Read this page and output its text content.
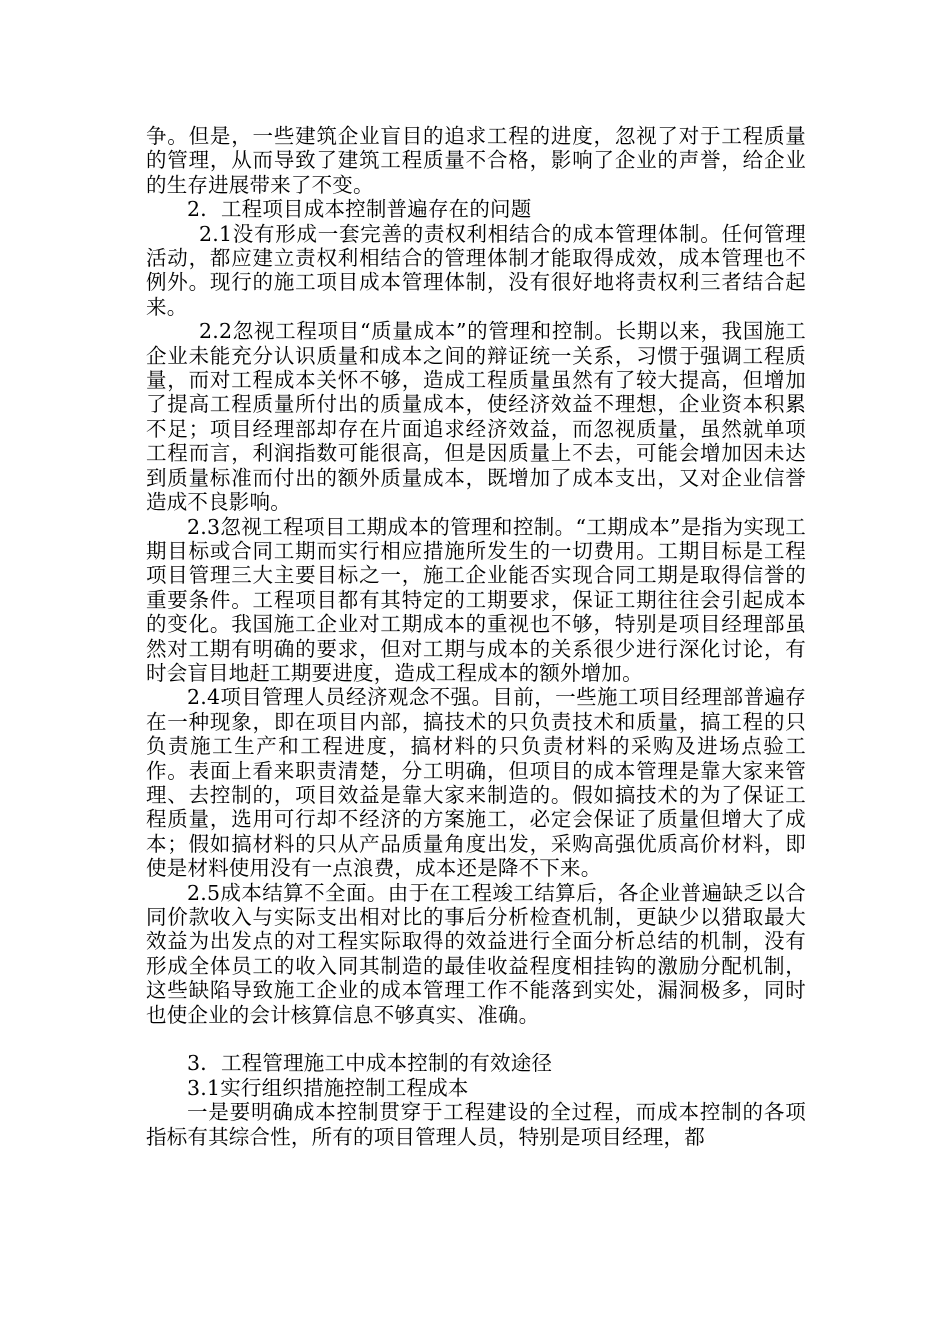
争。但是，一些建筑企业盲目的追求工程的进度，忽视了对于工程质量的管理，从而导致了建筑工程质量不合格，影响了企业的声誉，给企业的生存进展带来了不变。

2．工程项目成本控制普遍存在的问题

2.1没有形成一套完善的责权利相结合的成本管理体制。任何管理活动，都应建立责权利相结合的管理体制才能取得成效，成本管理也不例外。现行的施工项目成本管理体制，没有很好地将责权利三者结合起来。

2.2忽视工程项目“质量成本”的管理和控制。长期以来，我国施工企业未能充分认识质量和成本之间的辩证统一关系，习惯于强调工程质量，而对工程成本关怀不够，造成工程质量虽然有了较大提高，但增加了提高工程质量所付出的质量成本，使经济效益不理想，企业资本积累不足；项目经理部却存在片面追求经济效益，而忽视质量，虽然就单项工程而言，利润指数可能很高，但是因质量上不去，可能会增加因未达到质量标准而付出的额外质量成本，既增加了成本支出，又对企业信誉造成不良影响。

2.3忽视工程项目工期成本的管理和控制。“工期成本”是指为实现工期目标或合同工期而实行相应措施所发生的一切费用。工期目标是工程项目管理三大主要目标之一，施工企业能否实现合同工期是取得信誉的重要条件。工程项目都有其特定的工期要求，保证工期往往会引起成本的变化。我国施工企业对工期成本的重视也不够，特别是项目经理部虽然对工期有明确的要求，但对工期与成本的关系很少进行深化讨论，有时会盲目地赶工期要进度，造成工程成本的额外增加。

2.4项目管理人员经济观念不强。目前，一些施工项目经理部普遍存在一种现象，即在项目内部，搞技术的只负责技术和质量，搞工程的只负责施工生产和工程进度，搞材料的只负责材料的采购及进场点验工作。表面上看来职责清楚，分工明确，但项目的成本管理是靠大家来管理、去控制的，项目效益是靠大家来制造的。假如搞技术的为了保证工程质量，选用可行却不经济的方案施工，必定会保证了质量但增大了成本；假如搞材料的只从产品质量角度出发，采购高强优质高价材料，即使是材料使用没有一点浪费，成本还是降不下来。

2.5成本结算不全面。由于在工程竣工结算后，各企业普遍缺乏以合同价款收入与实际支出相对比的事后分析检查机制，更缺少以猎取最大效益为出发点的对工程实际取得的效益进行全面分析总结的机制，没有形成全体员工的收入同其制造的最佳收益程度相挂钩的激励分配机制，这些缺陷导致施工企业的成本管理工作不能落到实处，漏洞极多，同时也使企业的会计核算信息不够真实、准确。

3．工程管理施工中成本控制的有效途径

3.1实行组织措施控制工程成本

一是要明确成本控制贯穿于工程建设的全过程，而成本控制的各项指标有其综合性，所有的项目管理人员，特别是项目经理，都
